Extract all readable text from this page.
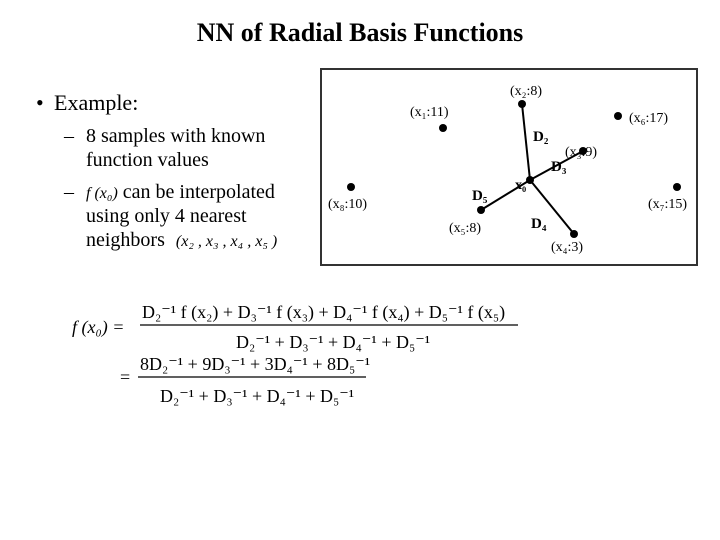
NN of Radial Basis Functions
• Example:
– 8 samples with known
function values
– f (x₀) can be interpolated
using only 4 nearest
neighbors (x₂ , x₃ , x₄ , x₅ )
x₀
(x₁:11)
(x₂:8)
(x₃:9)
(x₄:3)
(x₅:8)
(x₆:17)
(x₇:15)
(x₈:10)
D₂
D₃
D₄
D₅
f (x₀) =
D₂⁻¹ f (x₂) + D₃⁻¹ f (x₃) + D₄⁻¹ f (x₄) + D₅⁻¹ f (x₅)
D₂⁻¹ + D₃⁻¹ + D₄⁻¹ + D₅⁻¹
=
8D₂⁻¹ + 9D₃⁻¹ + 3D₄⁻¹ + 8D₅⁻¹
D₂⁻¹ + D₃⁻¹ + D₄⁻¹ + D₅⁻¹
